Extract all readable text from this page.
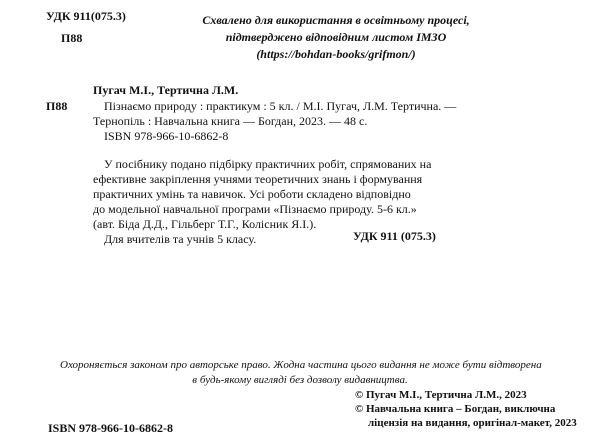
УДК 911(075.3)
П88
Схвалено для використання в освітньому процесі,
підтверджено відповідним листом ІМЗО
(https://bohdan-books/grifmon/)
Пугач М.І., Тертична Л.М.
П88	Пізнаємо природу : практикум : 5 кл. / М.І. Пугач, Л.М. Тертична. —
Тернопіль : Навчальна книга — Богдан, 2023. — 48 с.
ISBN 978-966-10-6862-8
У посібнику подано підбірку практичних робіт, спрямованих на
ефективне закріплення учнями теоретичних знань і формування
практичних умінь та навичок. Усі роботи складено відповідно
до модельної навчальної програми «Пізнаємо природу. 5-6 кл.»
(авт. Біда Д.Д., Гільберг Т.Г., Колісник Я.І.).
Для вчителів та учнів 5 класу.	УДК 911 (075.3)
Охороняється законом про авторське право. Жодна частина цього видання не може бути відтворена
в будь-якому вигляді без дозволу видавництва.
ISBN 978-966-10-6862-8
© Пугач М.І., Тертична Л.М., 2023
© Навчальна книга – Богдан, виключна
ліцензія на видання, оригінал-макет, 2023
